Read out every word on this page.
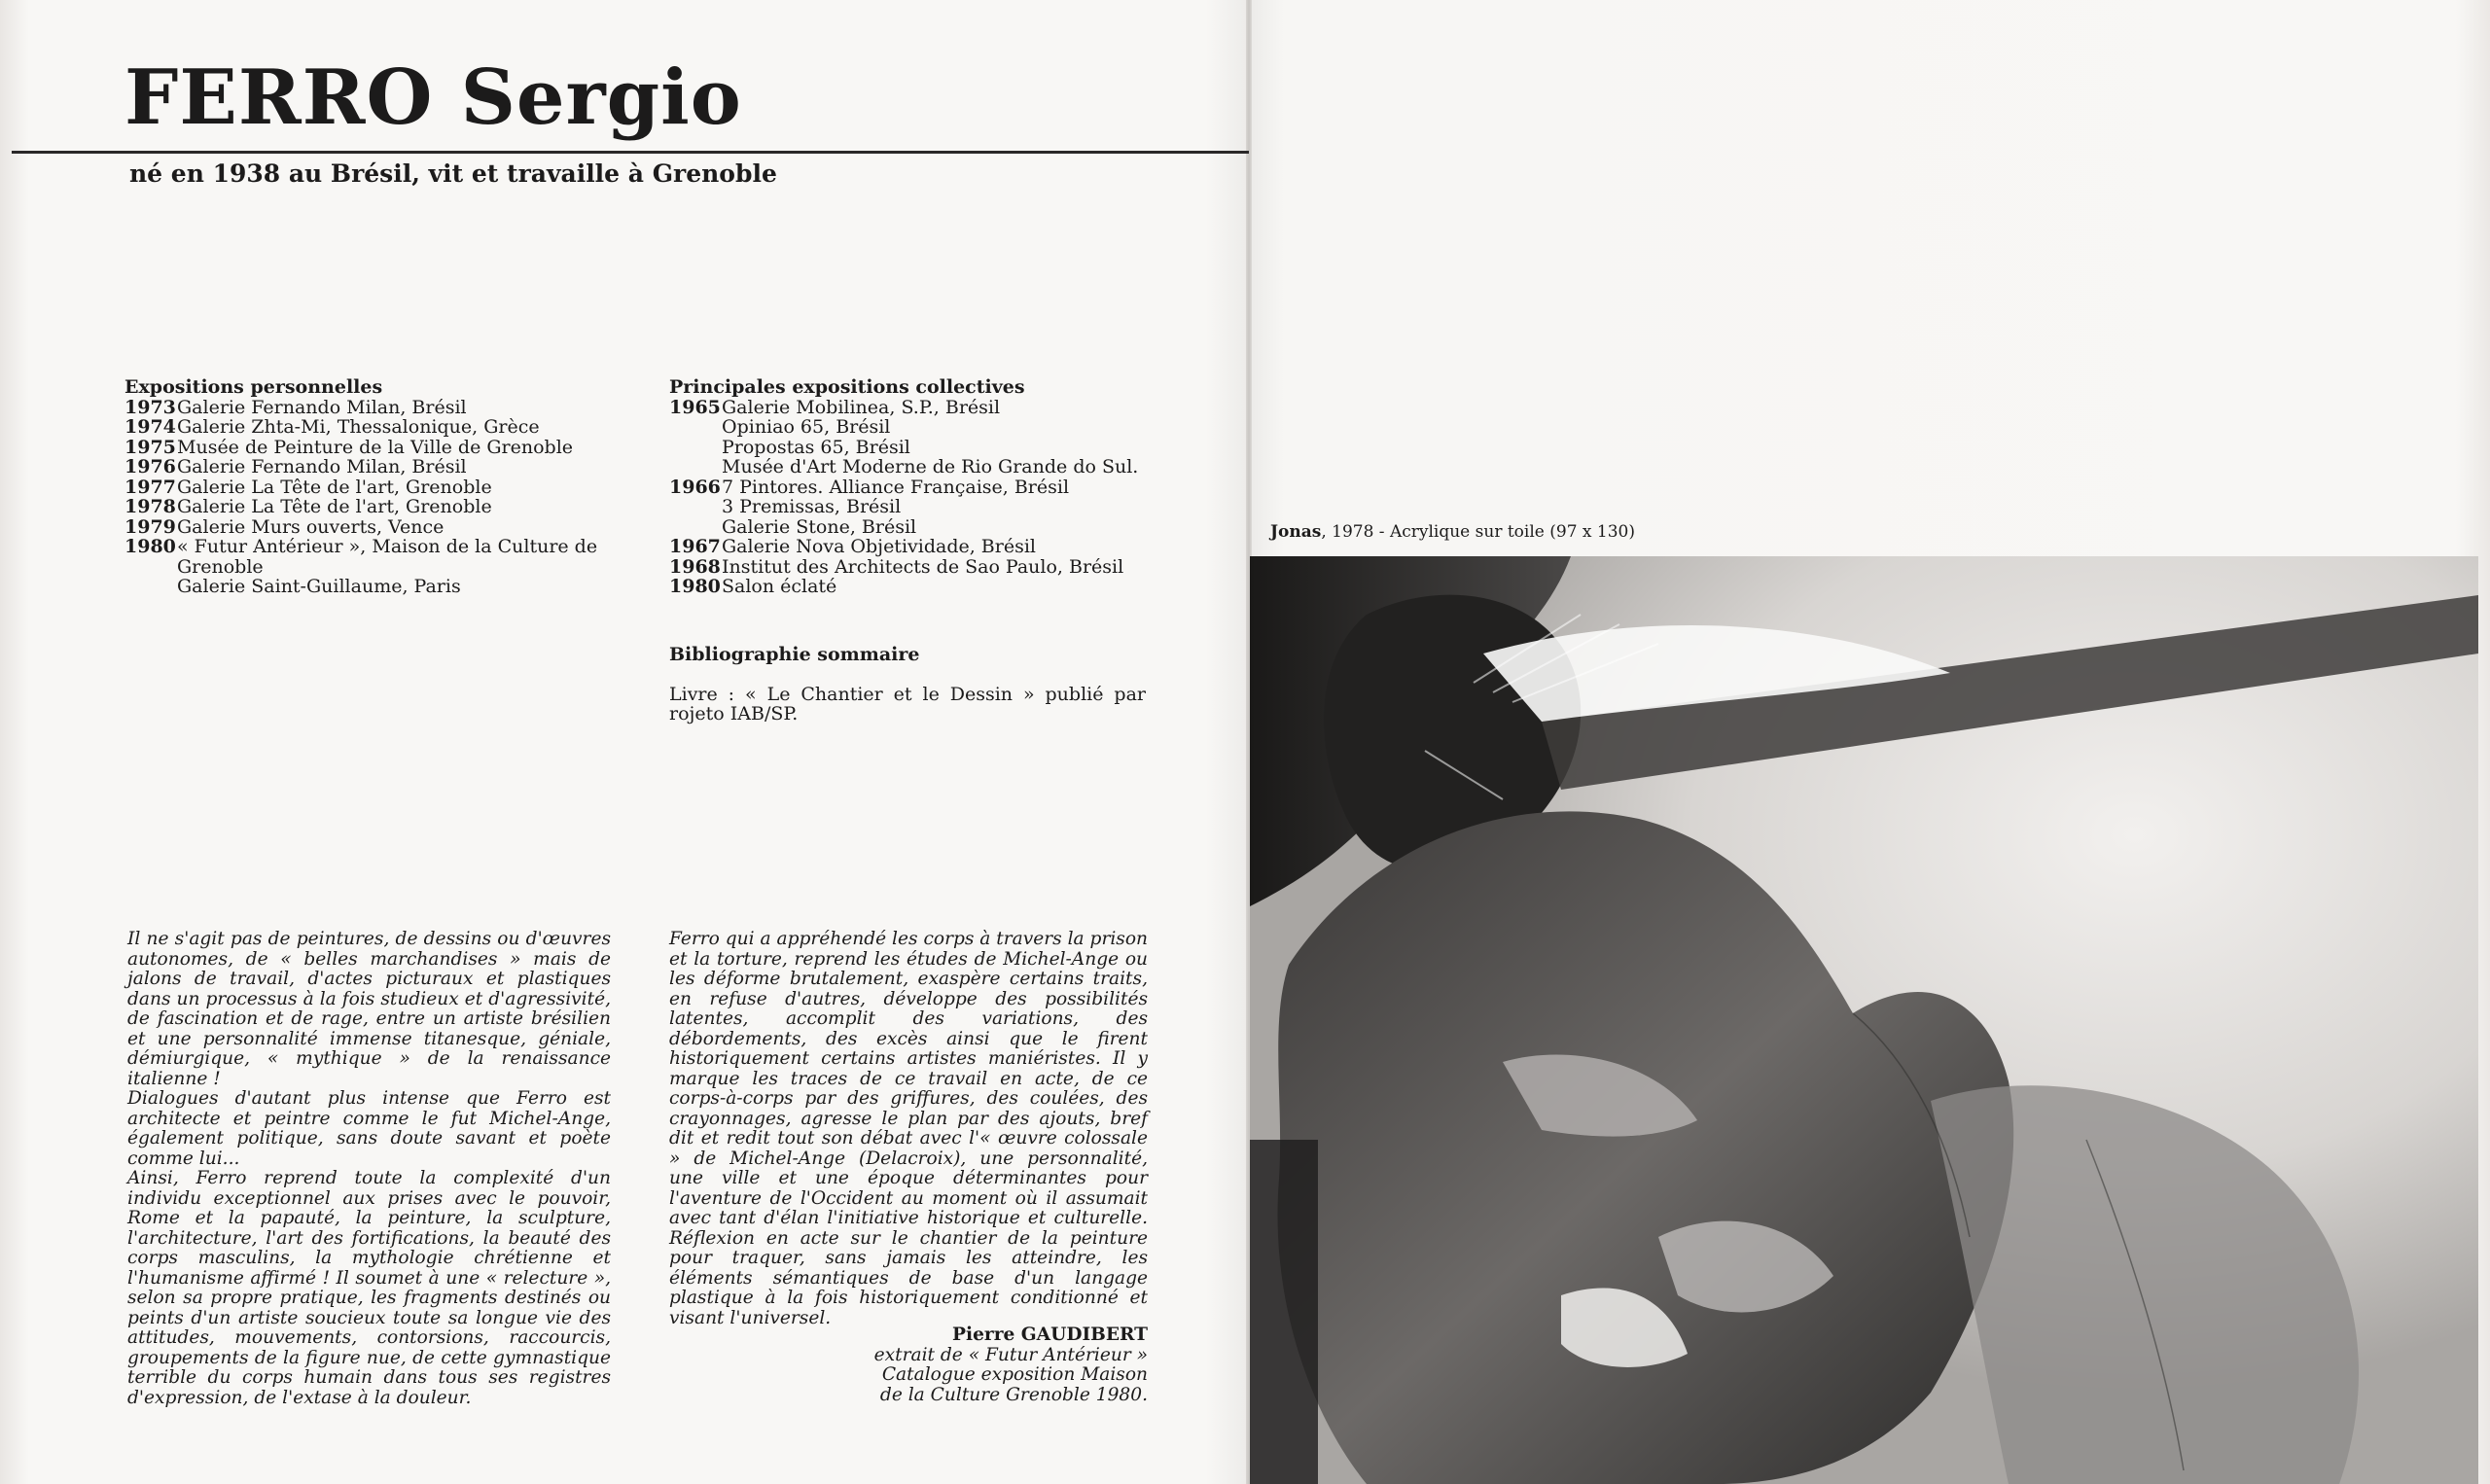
FERRO Sergio
né en 1938 au Brésil, vit et travaille à Grenoble

Expositions personnelles

1973 Galerie Fernando Milan, Brésil
1974 Galerie Zhta-Mi, Thessalonique, Grèce
1975 Musée de Peinture de la Ville de Grenoble
1976 Galerie Fernando Milan, Brésil
1977 Galerie La Tête de l'art, Grenoble
1978 Galerie La Tête de l'art, Grenoble
1979 Galerie Murs ouverts, Vence
1980 « Futur Antérieur », Maison de la Culture de Grenoble
Galerie Saint-Guillaume, Paris

Principales expositions collectives

1965 Galerie Mobilinea, S.P., Brésil
Opiniao 65, Brésil
Propostas 65, Brésil
Musée d'Art Moderne de Rio Grande do Sul.
1966 7 Pintores. Alliance Française, Brésil
3 Premissas, Brésil
Galerie Stone, Brésil
1967 Galerie Nova Objetividade, Brésil
1968 Institut des Architects de Sao Paulo, Brésil
1980 Salon éclaté

Bibliographie sommaire

Livre : « Le Chantier et le Dessin » publié par rojeto IAB/SP.

Il ne s'agit pas de peintures, de dessins ou d'œuvres autonomes, de « belles marchandises » mais de jalons de travail, d'actes picturaux et plastiques dans un processus à la fois studieux et d'agressivité, de fascination et de rage, entre un artiste brésilien et une personnalité immense titanesque, géniale, démiurgique, « mythique » de la renaissance italienne !

Dialogues d'autant plus intense que Ferro est architecte et peintre comme le fut Michel-Ange, également politique, sans doute savant et poète comme lui...

Ainsi, Ferro reprend toute la complexité d'un individu exceptionnel aux prises avec le pouvoir, Rome et la papauté, la peinture, la sculpture, l'architecture, l'art des fortifications, la beauté des corps masculins, la mythologie chrétienne et l'humanisme affirmé ! Il soumet à une « relecture », selon sa propre pratique, les fragments destinés ou peints d'un artiste soucieux toute sa longue vie des attitudes, mouvements, contorsions, raccourcis, groupements de la figure nue, de cette gymnastique terrible du corps humain dans tous ses registres d'expression, de l'extase à la douleur.

Ferro qui a appréhendé les corps à travers la prison et la torture, reprend les études de Michel-Ange ou les déforme brutalement, exaspère certains traits, en refuse d'autres, développe des possibilités latentes, accomplit des variations, des débordements, des excès ainsi que le firent historiquement certains artistes maniéristes. Il y marque les traces de ce travail en acte, de ce corps-à-corps par des griffures, des coulées, des crayonnages, agresse le plan par des ajouts, bref dit et redit tout son débat avec l'« œuvre colossale » de Michel-Ange (Delacroix), une personnalité, une ville et une époque déterminantes pour l'aventure de l'Occident au moment où il assumait avec tant d'élan l'initiative historique et culturelle. Réflexion en acte sur le chantier de la peinture pour traquer, sans jamais les atteindre, les éléments sémantiques de base d'un langage plastique à la fois historiquement conditionné et visant l'universel.

Pierre GAUDIBERT
extrait de « Futur Antérieur »
Catalogue exposition Maison
de la Culture Grenoble 1980.

Jonas, 1978 - Acrylique sur toile (97 x 130)
